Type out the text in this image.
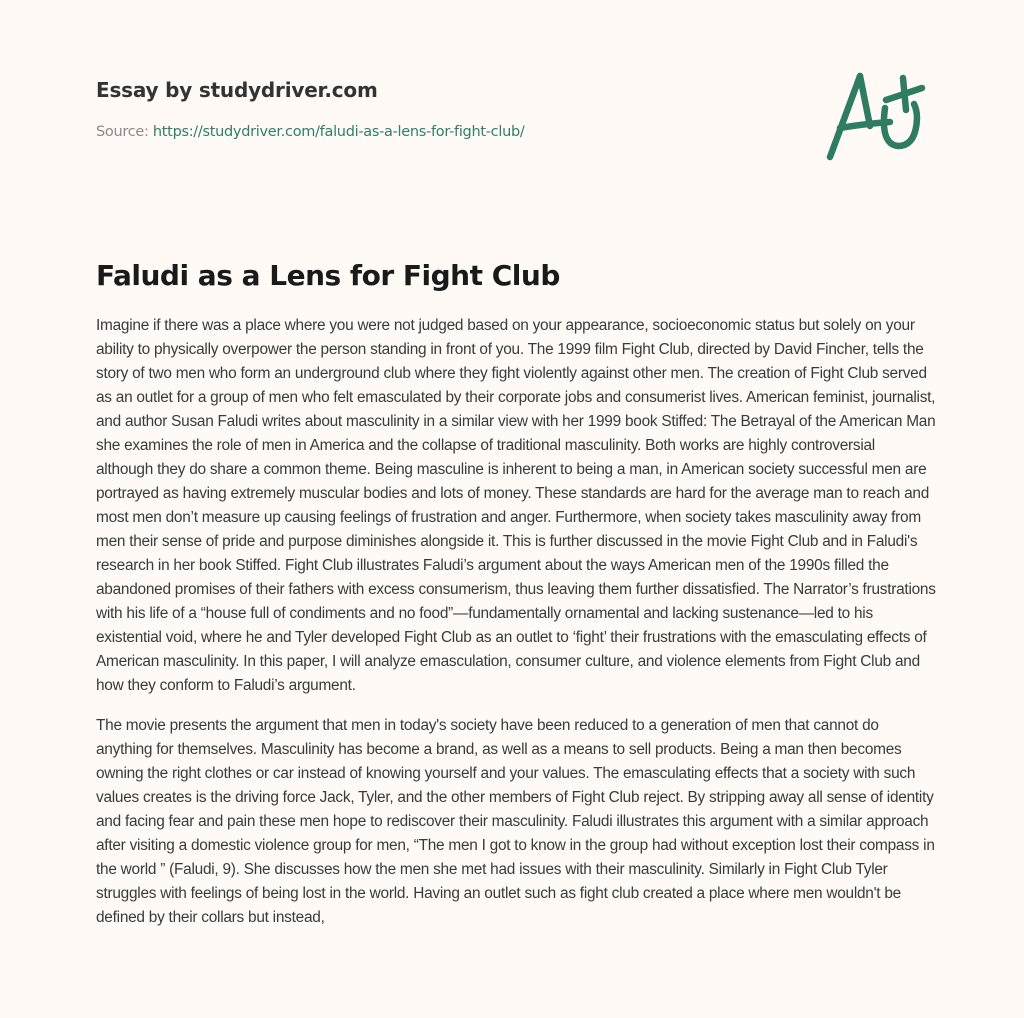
Essay by studydriver.com
Source: https://studydriver.com/faludi-as-a-lens-for-fight-club/
Faludi as a Lens for Fight Club

Imagine if there was a place where you were not judged based on your appearance, socioeconomic status but solely on your ability to physically overpower the person standing in front of you. The 1999 film Fight Club, directed by David Fincher, tells the story of two men who form an underground club where they fight violently against other men. The creation of Fight Club served as an outlet for a group of men who felt emasculated by their corporate jobs and consumerist lives. American feminist, journalist, and author Susan Faludi writes about masculinity in a similar view with her 1999 book Stiffed: The Betrayal of the American Man she examines the role of men in America and the collapse of traditional masculinity. Both works are highly controversial although they do share a common theme. Being masculine is inherent to being a man, in American society successful men are portrayed as having extremely muscular bodies and lots of money. These standards are hard for the average man to reach and most men don’t measure up causing feelings of frustration and anger. Furthermore, when society takes masculinity away from men their sense of pride and purpose diminishes alongside it. This is further discussed in the movie Fight Club and in Faludi's research in her book Stiffed. Fight Club illustrates Faludi’s argument about the ways American men of the 1990s filled the abandoned promises of their fathers with excess consumerism, thus leaving them further dissatisfied. The Narrator’s frustrations with his life of a “house full of condiments and no food”—fundamentally ornamental and lacking sustenance—led to his existential void, where he and Tyler developed Fight Club as an outlet to ‘fight’ their frustrations with the emasculating effects of American masculinity. In this paper, I will analyze emasculation, consumer culture, and violence elements from Fight Club and how they conform to Faludi’s argument.

The movie presents the argument that men in today's society have been reduced to a generation of men that cannot do anything for themselves. Masculinity has become a brand, as well as a means to sell products. Being a man then becomes owning the right clothes or car instead of knowing yourself and your values. The emasculating effects that a society with such values creates is the driving force Jack, Tyler, and the other members of Fight Club reject. By stripping away all sense of identity and facing fear and pain these men hope to rediscover their masculinity. Faludi illustrates this argument with a similar approach after visiting a domestic violence group for men, “The men I got to know in the group had without exception lost their compass in the world ” (Faludi, 9). She discusses how the men she met had issues with their masculinity. Similarly in Fight Club Tyler struggles with feelings of being lost in the world. Having an outlet such as fight club created a place where men wouldn't be defined by their collars but instead,
